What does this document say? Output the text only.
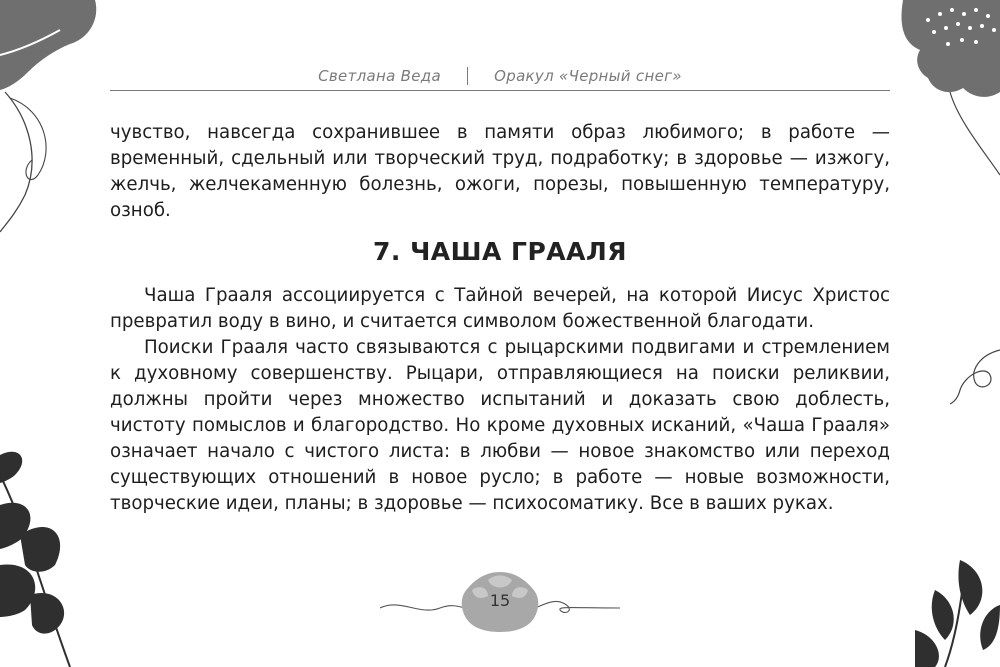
Светлана Веда	Оракул «Черный снег»

чувство, навсегда сохранившее в памяти образ любимого; в работе — временный, сдельный или творческий труд, подработку; в здоровье — изжогу, желчь, желчекаменную болезнь, ожоги, порезы, повышенную температуру, озноб.

7. ЧАША ГРААЛЯ

Чаша Грааля ассоциируется с Тайной вечерей, на которой Иисус Христос превратил воду в вино, и считается символом божественной благодати.

Поиски Грааля часто связываются с рыцарскими подвигами и стремлением к духовному совершенству. Рыцари, отправляющиеся на поиски реликвии, должны пройти через множество испытаний и доказать свою доблесть, чистоту помыслов и благородство. Но кроме духовных исканий, «Чаша Грааля» означает начало с чистого листа: в любви — новое знакомство или переход существующих отношений в новое русло; в работе — новые возможности, творческие идеи, планы; в здоровье — психосоматику. Все в ваших руках.

15
